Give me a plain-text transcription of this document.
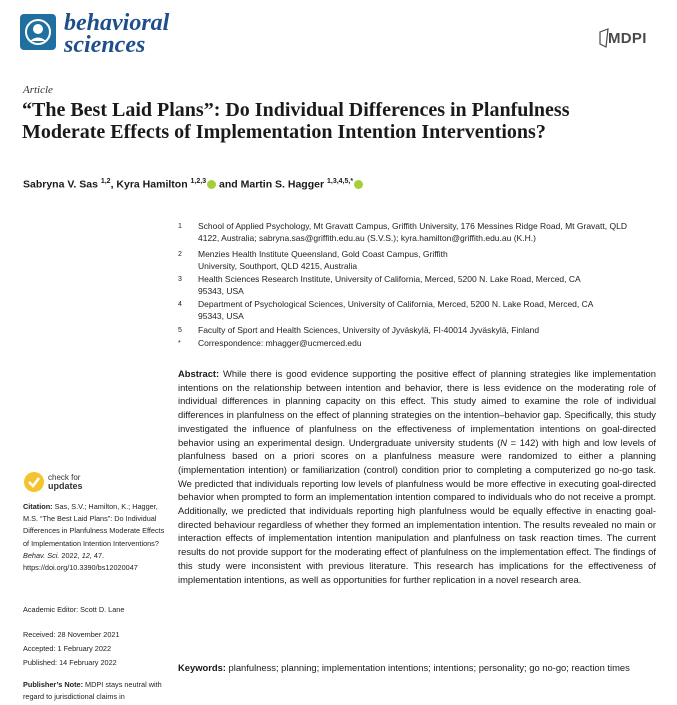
behavioral
sciences	MDPI
Article
“The Best Laid Plans”: Do Individual Differences in Planfulness Moderate Effects of Implementation Intention Interventions?
Sabryna V. Sas $^{1,2}$, Kyra Hamilton $^{1,2,3}$ and Martin S. Hagger $^{1,3,4,5,*}$
1 School of Applied Psychology, Mt Gravatt Campus, Griffith University, 176 Messines Ridge Road, Mt Gravatt, QLD 4122, Australia; sabryna.sas@griffith.edu.au (S.V.S.); kyra.hamilton@griffith.edu.au (K.H.)
2 Menzies Health Institute Queensland, Gold Coast Campus, Griffith University, Southport, QLD 4215, Australia
3 Health Sciences Research Institute, University of California, Merced, 5200 N. Lake Road, Merced, CA 95343, USA
4 Department of Psychological Sciences, University of California, Merced, 5200 N. Lake Road, Merced, CA 95343, USA
5 Faculty of Sport and Health Sciences, University of Jyväskylä, FI-40014 Jyväskylä, Finland
* Correspondence: mhagger@ucmerced.edu
Abstract: While there is good evidence supporting the positive effect of planning strategies like implementation intentions on the relationship between intention and behavior, there is less evidence on the moderating role of individual differences in planning capacity on this effect. This study aimed to examine the role of individual differences in planfulness on the effect of planning strategies on the intention–behavior gap. Specifically, this study investigated the influence of planfulness on the effectiveness of implementation intentions on goal-directed behavior using an experimental design. Undergraduate university students (N = 142) with high and low levels of planfulness based on a priori scores on a planfulness measure were randomized to either a planning (implementation intention) or familiarization (control) condition prior to completing a computerized go no-go task. We predicted that individuals reporting low levels of planfulness would be more effective in executing goal-directed behavior when prompted to form an implementation intention compared to individuals who do not receive a prompt. Additionally, we predicted that individuals reporting high planfulness would be equally effective in enacting goal-directed behaviour regardless of whether they formed an implementation intention. The results revealed no main or interaction effects of implementation intention manipulation and planfulness on task reaction times. The current results do not provide support for the moderating effect of planfulness on the implementation effect. The findings of this study were inconsistent with previous literature. This research has implications for the effectiveness of implementation intentions, as well as opportunities for further replication in a novel research area.
Keywords: planfulness; planning; implementation intentions; intentions; personality; go no-go; reaction times
check for
updates
Citation: Sas, S.V.; Hamilton, K.; Hagger, M.S. “The Best Laid Plans”: Do Individual Differences in Planfulness Moderate Effects of Implementation Intention Interventions? Behav. Sci. 2022, 12, 47. https://doi.org/10.3390/bs12020047
Academic Editor: Scott D. Lane
Received: 28 November 2021
Accepted: 1 February 2022
Published: 14 February 2022
Publisher’s Note: MDPI stays neutral with regard to jurisdictional claims in
